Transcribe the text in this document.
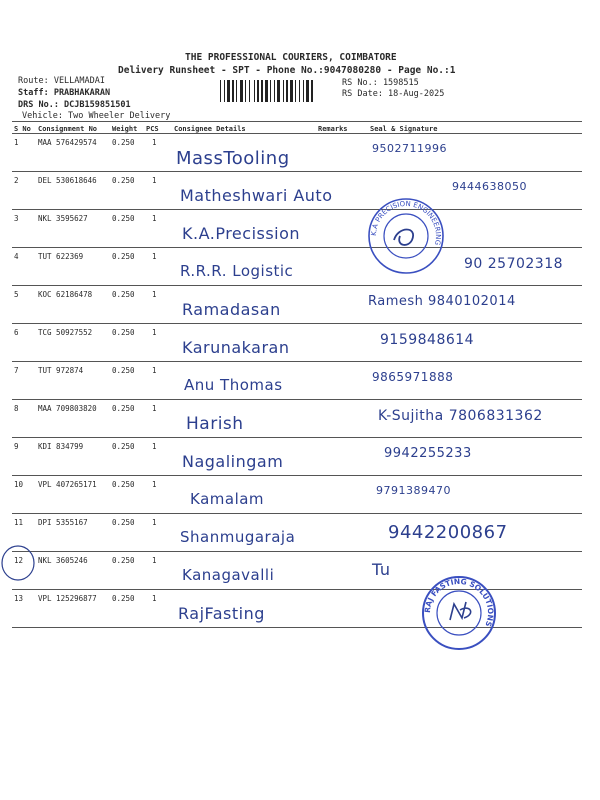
THE PROFESSIONAL COURIERS, COIMBATORE
Delivery Runsheet - SPT - Phone No.:9047080280 - Page No.:1
Route: VELLAMADAI
Staff: PRABHAKARAN
DRS No.: DCJB159851501
Vehicle: Two Wheeler Delivery
RS No.: 1598515
RS Date: 18-Aug-2025
S No Consignment No Weight PCS Consignee Details	Remarks	Seal & Signature
1	MAA 576429574 0.250 1
MassTooling	9502711996
2	DEL 530618646 0.250 1
Matheshwari Auto	9444638050
3	NKL 3595627	0.250 1
K.A.Precission
4	TUT 622369	0.250 1
R.R.R. Logistic	90 25702318
5	KOC 62186478	0.250 1
Ramadasan	Ramesh 9840102014
6	TCG 50927552	0.250 1
Karunakaran	9159848614
7	TUT 972874	0.250 1
Anu Thomas	9865971888
8	MAA 709803820 0.250 1
Harish	K-Sujitha 7806831362
9	KDI 834799	0.250 1
Nagalingam	9942255233
10 VPL 407265171 0.250 1
Kamalam	9791389470
11 DPI 5355167	0.250 1
Shanmugaraja	9442200867
12 NKL 3605246	0.250 1
Kanagavalli	Tu
13 VPL 125296877 0.250 1
RajFasting
K.A PRECISION ENGINEERING
RAJ FASTING SOLUTIONS
